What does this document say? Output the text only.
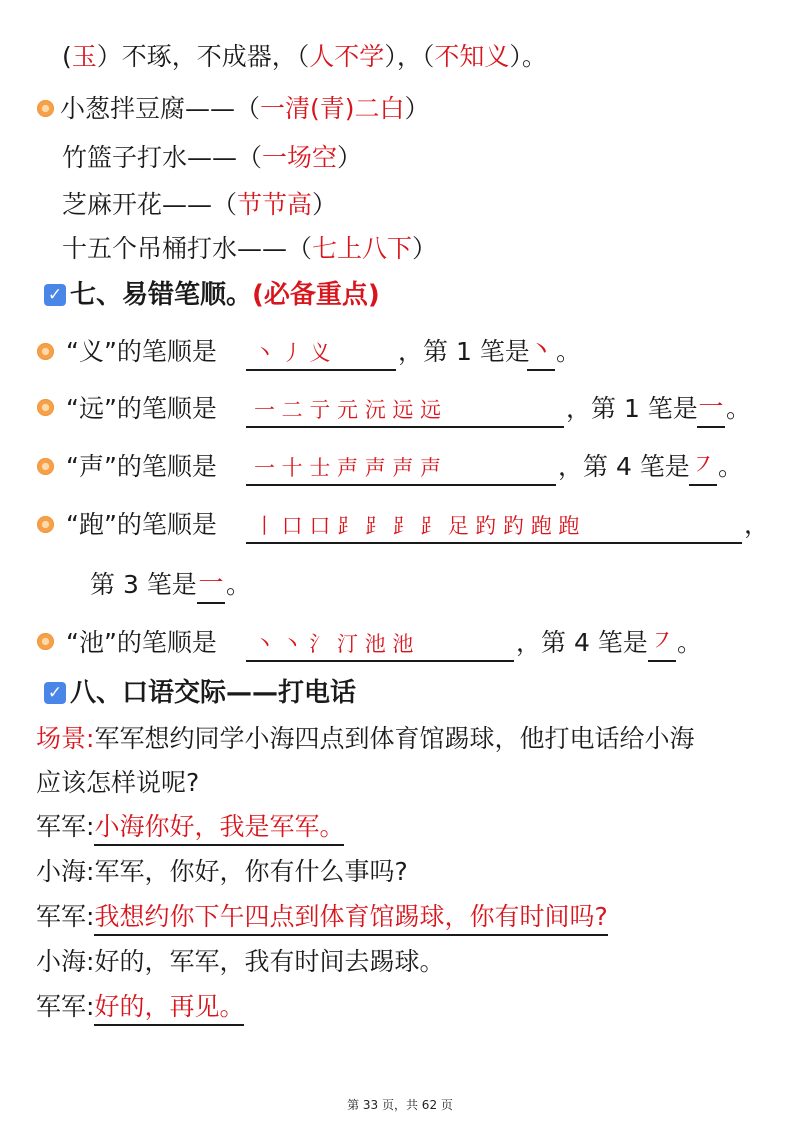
(玉）不琢，不成器，（人不学），（不知义）。
小葱拌豆腐——（一清(青)二白）
竹篮子打水——（一场空）
芝麻开花——（节节高）
十五个吊桶打水——（七上八下）
✓ 七、易错笔顺。(必备重点)
“义”的笔顺是 丶 丿 义	，第 1 笔是
丶 。
“远”的笔顺是 一 二 亍 元 沅 远 远	，第 1 笔是 一 。
“声”的笔顺是 一 十 士 声 声 声 声	，第 4 笔是 ㇇ 。
“跑”的笔顺是 丨 口 口 ⻊ ⻊ ⻊ ⻊ 足 趵 趵 跑 跑	，
第 3 笔是 一 。
“池”的笔顺是 丶 丶 氵 汀 池 池	，第 4 笔是 ㇇ 。
✓ 八、口语交际——打电话
场景:军军想约同学小海四点到体育馆踢球，他打电话给小海
应该怎样说呢?
军军:小海你好，我是军军。
小海:军军，你好，你有什么事吗?
军军:我想约你下午四点到体育馆踢球，你有时间吗?
小海:好的，军军，我有时间去踢球。
军军:好的，再见。
第 33 页，共 62 页
